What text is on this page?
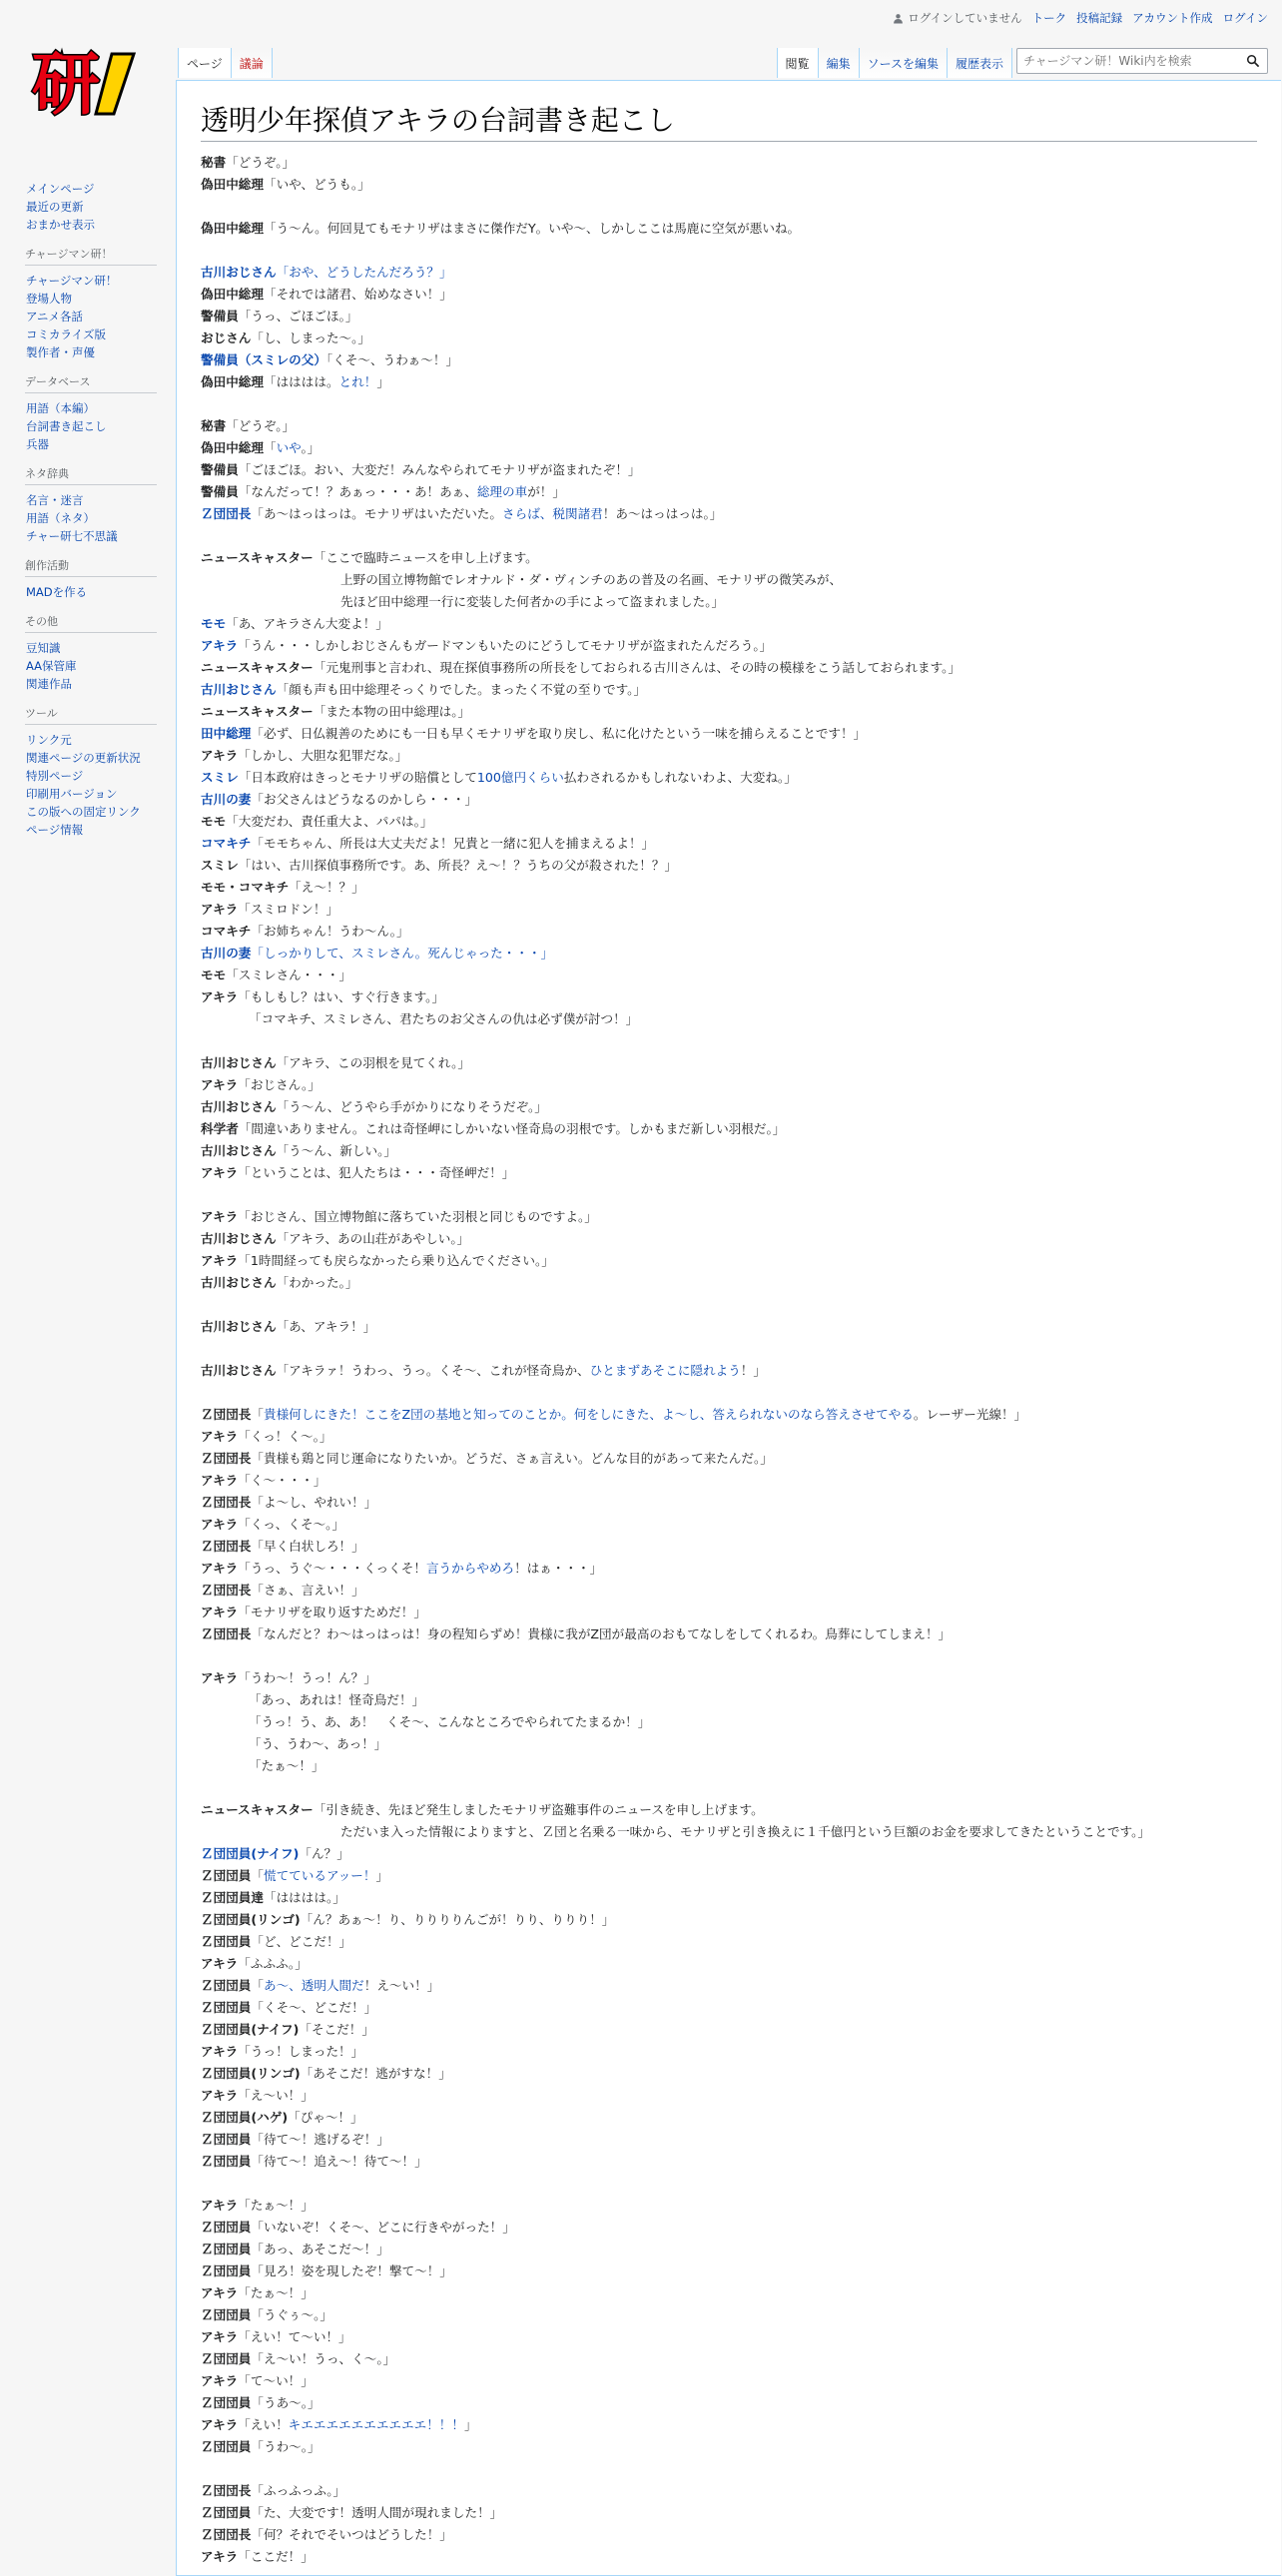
ログインしていません トーク 投稿記録 アカウント作成 ログイン
研	ページ	議論	閲覧	編集	ソースを編集	履歴表示
チャージマン研！Wiki内を検索
メインページ
最近の更新
おまかせ表示
チャージマン研！
チャージマン研！
登場人物
アニメ各話
コミカライズ版
製作者・声優
データベース
用語（本編）
台詞書き起こし
兵器
ネタ辞典
名言・迷言
用語（ネタ）
チャー研七不思議
創作活動
MADを作る
その他
豆知識
AA保管庫
関連作品
ツール
リンク元
関連ページの更新状況
特別ページ
印刷用バージョン
この版への固定リンク
ページ情報
透明少年探偵アキラの台詞書き起こし
秘書「どうぞ。」
偽田中総理「いや、どうも。」
偽田中総理「う～ん。何回見てもモナリザはまさに傑作だY。いや～、しかしここは馬鹿に空気が悪いね。
古川おじさん「おや、どうしたんだろう？」
偽田中総理「それでは諸君、始めなさい！」
警備員「うっ、ごほごほ。」
おじさん「し、しまった～。」
警備員（スミレの父）「くそ～、うわぁ～！」
偽田中総理「はははは。とれ！」
秘書「どうぞ。」
偽田中総理「いや。」
警備員「ごほごほ。おい、大変だ！みんなやられてモナリザが盗まれたぞ！」
警備員「なんだって！？あぁっ・・・あ！あぁ、総理の車が！」
Ｚ団団長「あ～はっはっは。モナリザはいただいた。さらば、税関諸君！あ～はっはっは。」
ニュースキャスター「ここで臨時ニュースを申し上げます。
上野の国立博物館でレオナルド・ダ・ヴィンチのあの普及の名画、モナリザの微笑みが、
先ほど田中総理一行に変装した何者かの手によって盗まれました。」
モモ「あ、アキラさん大変よ！」
アキラ「うん・・・しかしおじさんもガードマンもいたのにどうしてモナリザが盗まれたんだろう。」
ニュースキャスター「元鬼刑事と言われ、現在探偵事務所の所長をしておられる古川さんは、その時の模様をこう話しておられます。」
古川おじさん「顔も声も田中総理そっくりでした。まったく不覚の至りです。」
ニュースキャスター「また本物の田中総理は。」
田中総理「必ず、日仏親善のためにも一日も早くモナリザを取り戻し、私に化けたという一味を捕らえることです！」
アキラ「しかし、大胆な犯罪だな。」
スミレ「日本政府はきっとモナリザの賠償として100億円くらい払わされるかもしれないわよ、大変ね。」
古川の妻「お父さんはどうなるのかしら・・・」
モモ「大変だわ、責任重大よ、パパは。」
コマキチ「モモちゃん、所長は大丈夫だよ！兄貴と一緒に犯人を捕まえるよ！」
スミレ「はい、古川探偵事務所です。あ、所長？え～！？うちの父が殺された！？」
モモ・コマキチ「え～！？」
アキラ「スミロドン！」
コマキチ「お姉ちゃん！うわ～ん。」
古川の妻「しっかりして、スミレさん。死んじゃった・・・」
モモ「スミレさん・・・」
アキラ「もしもし？はい、すぐ行きます。」
「コマキチ、スミレさん、君たちのお父さんの仇は必ず僕が討つ！」
古川おじさん「アキラ、この羽根を見てくれ。」
アキラ「おじさん。」
古川おじさん「う～ん、どうやら手がかりになりそうだぞ。」
科学者「間違いありません。これは奇怪岬にしかいない怪奇鳥の羽根です。しかもまだ新しい羽根だ。」
古川おじさん「う～ん、新しい。」
アキラ「ということは、犯人たちは・・・奇怪岬だ！」
アキラ「おじさん、国立博物館に落ちていた羽根と同じものですよ。」
古川おじさん「アキラ、あの山荘があやしい。」
アキラ「1時間経っても戻らなかったら乗り込んでください。」
古川おじさん「わかった。」
古川おじさん「あ、アキラ！」
古川おじさん「アキラァ！うわっ、うっ。くそ～、これが怪奇鳥か、ひとまずあそこに隠れよう！」
Ｚ団団長「貴様何しにきた！ここをZ団の基地と知ってのことか。何をしにきた、よ～し、答えられないのなら答えさせてやる。レーザー光線！」
アキラ「くっ！く～。」
Ｚ団団長「貴様も鶏と同じ運命になりたいか。どうだ、さぁ言えい。どんな目的があって来たんだ。」
アキラ「く～・・・」
Ｚ団団長「よ～し、やれい！」
アキラ「くっ、くそ～。」
Ｚ団団長「早く白状しろ！」
アキラ「うっ、うぐ～・・・くっくそ！言うからやめろ！はぁ・・・」
Ｚ団団長「さぁ、言えい！」
アキラ「モナリザを取り返すためだ！」
Ｚ団団長「なんだと？わ～はっはっは！身の程知らずめ！貴様に我がZ団が最高のおもてなしをしてくれるわ。鳥葬にしてしまえ！」
アキラ「うわ～！うっ！ん？」
「あっ、あれは！怪奇鳥だ！」
「うっ！う、あ、あ！　くそ～、こんなところでやられてたまるか！」
「う、うわ～、あっ！」
「たぁ～！」
ニュースキャスター「引き続き、先ほど発生しましたモナリザ盗難事件のニュースを申し上げます。
ただいま入った情報によりますと、Ｚ団と名乗る一味から、モナリザと引き換えに１千億円という巨額のお金を要求してきたということです。」
Ｚ団団員(ナイフ)「ん？」
Ｚ団団員「慌てているアッー！」
Ｚ団団員達「はははは。」
Ｚ団団員(リンゴ)「ん？あぁ～！り、りりりりんごが！りり、りりり！」
Ｚ団団員「ど、どこだ！」
アキラ「ふふふ。」
Ｚ団団員「あ～、透明人間だ！え～い！」
Ｚ団団員「くそ～、どこだ！」
Ｚ団団員(ナイフ)「そこだ！」
アキラ「うっ！しまった！」
Ｚ団団員(リンゴ)「あそこだ！逃がすな！」
アキラ「え～い！」
Ｚ団団員(ハゲ)「ぴゃ～！」
Ｚ団団員「待て～！逃げるぞ！」
Ｚ団団員「待て～！追え～！待て～！」
アキラ「たぁ～！」
Ｚ団団員「いないぞ！くそ～、どこに行きやがった！」
Ｚ団団員「あっ、あそこだ～！」
Ｚ団団員「見ろ！姿を現したぞ！撃て～！」
アキラ「たぁ～！」
Ｚ団団員「うぐぅ～。」
アキラ「えい！て～い！」
Ｚ団団員「え～い！うっ、く～。」
アキラ「て～い！」
Ｚ団団員「うあ～。」
アキラ「えい！キエエエエエエエエエエ！！！」
Ｚ団団員「うわ～。」
Ｚ団団長「ふっふっふ。」
Ｚ団団員「た、大変です！透明人間が現れました！」
Ｚ団団長「何？それでそいつはどうした！」
アキラ「ここだ！」
